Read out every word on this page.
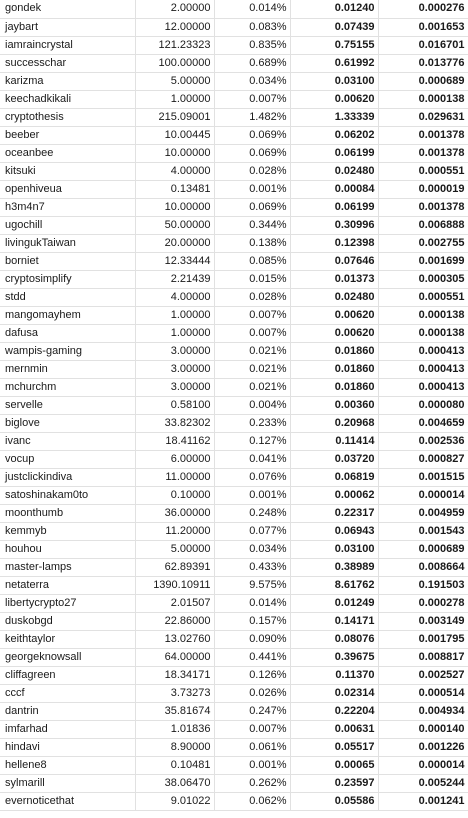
gondek	2.00000	0.014%	0.01240	0.000276
jaybart	12.00000	0.083%	0.07439	0.001653
iamraincrystal	121.23323	0.835%	0.75155	0.016701
successchar	100.00000	0.689%	0.61992	0.013776
karizma	5.00000	0.034%	0.03100	0.000689
keechadkikali	1.00000	0.007%	0.00620	0.000138
cryptothesis	215.09001	1.482%	1.33339	0.029631
beeber	10.00445	0.069%	0.06202	0.001378
oceanbee	10.00000	0.069%	0.06199	0.001378
kitsuki	4.00000	0.028%	0.02480	0.000551
openhiveua	0.13481	0.001%	0.00084	0.000019
h3m4n7	10.00000	0.069%	0.06199	0.001378
ugochill	50.00000	0.344%	0.30996	0.006888
livingukTaiwan	20.00000	0.138%	0.12398	0.002755
borniet	12.33444	0.085%	0.07646	0.001699
cryptosimplify	2.21439	0.015%	0.01373	0.000305
stdd	4.00000	0.028%	0.02480	0.000551
mangomayhem	1.00000	0.007%	0.00620	0.000138
dafusa	1.00000	0.007%	0.00620	0.000138
wampis-gaming	3.00000	0.021%	0.01860	0.000413
mernmin	3.00000	0.021%	0.01860	0.000413
mchurchm	3.00000	0.021%	0.01860	0.000413
servelle	0.58100	0.004%	0.00360	0.000080
biglove	33.82302	0.233%	0.20968	0.004659
ivanc	18.41162	0.127%	0.11414	0.002536
vocup	6.00000	0.041%	0.03720	0.000827
justclickindiva	11.00000	0.076%	0.06819	0.001515
satoshinakam0to	0.10000	0.001%	0.00062	0.000014
moonthumb	36.00000	0.248%	0.22317	0.004959
kemmyb	11.20000	0.077%	0.06943	0.001543
houhou	5.00000	0.034%	0.03100	0.000689
master-lamps	62.89391	0.433%	0.38989	0.008664
netaterra	1390.10911	9.575%	8.61762	0.191503
libertycrypto27	2.01507	0.014%	0.01249	0.000278
duskobgd	22.86000	0.157%	0.14171	0.003149
keithtaylor	13.02760	0.090%	0.08076	0.001795
georgeknowsall	64.00000	0.441%	0.39675	0.008817
cliffagreen	18.34171	0.126%	0.11370	0.002527
cccf	3.73273	0.026%	0.02314	0.000514
dantrin	35.81674	0.247%	0.22204	0.004934
imfarhad	1.01836	0.007%	0.00631	0.000140
hindavi	8.90000	0.061%	0.05517	0.001226
hellene8	0.10481	0.001%	0.00065	0.000014
sylmarill	38.06470	0.262%	0.23597	0.005244
evernoticethat	9.01022	0.062%	0.05586	0.001241
